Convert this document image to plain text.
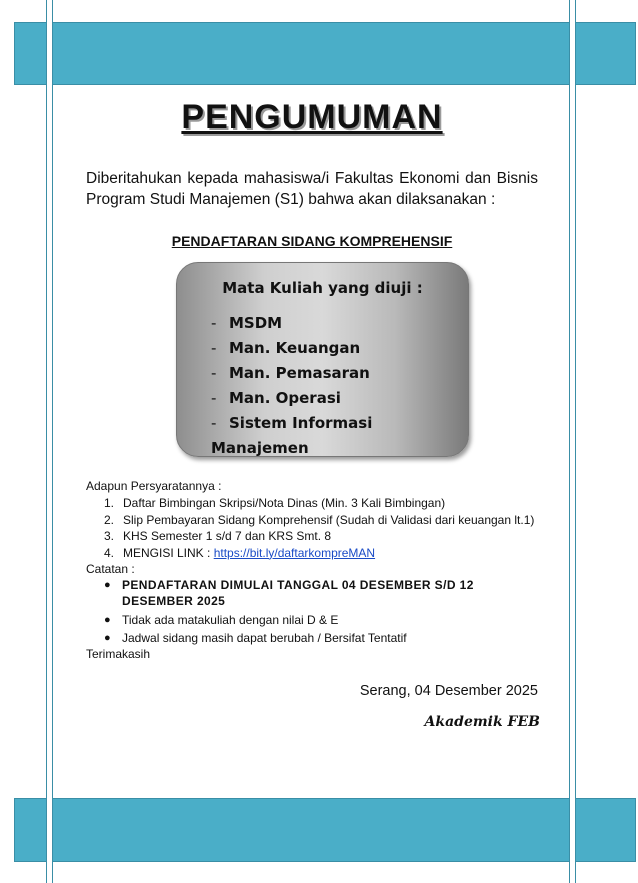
PENGUMUMAN

Diberitahukan kepada mahasiswa/i Fakultas Ekonomi dan Bisnis Program Studi Manajemen (S1) bahwa akan dilaksanakan :

PENDAFTARAN SIDANG KOMPREHENSIF
Mata Kuliah yang diuji :
- MSDM
- Man. Keuangan
- Man. Pemasaran
- Man. Operasi
- Sistem Informasi Manajemen
Adapun Persyaratannya :
1. Daftar Bimbingan Skripsi/Nota Dinas (Min. 3 Kali Bimbingan)
2. Slip Pembayaran Sidang Komprehensif (Sudah di Validasi dari keuangan lt.1)
3. KHS Semester 1 s/d 7 dan KRS Smt. 8
4. MENGISI LINK : https://bit.ly/daftarkompreMAN
Catatan :
● PENDAFTARAN DIMULAI TANGGAL 04 DESEMBER S/D 12 DESEMBER 2025
● Tidak ada matakuliah dengan nilai D & E
● Jadwal sidang masih dapat berubah / Bersifat Tentatif
Terimakasih
Serang, 04 Desember 2025
Akademik FEB
